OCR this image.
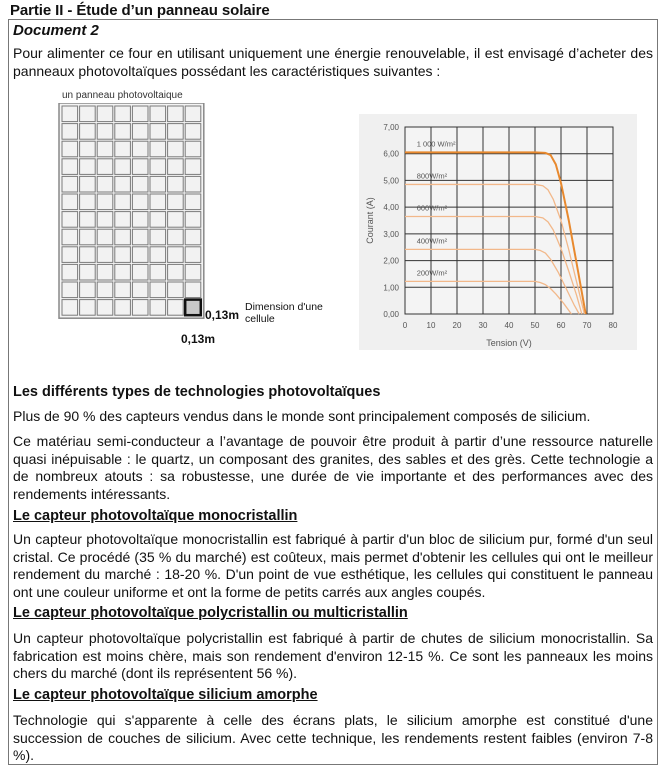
Partie II - Étude d’un panneau solaire
Document 2
Pour alimenter ce four en utilisant uniquement une énergie renouvelable, il est envisagé d’acheter des panneaux photovoltaïques possédant les caractéristiques suivantes :
un panneau photovoltaique
0,13m
Dimension d'une
cellule
0,13m
0 10 20 30 40 50 60 70 80
0,00
1,00
2,00
3,00
4,00
5,00
6,00
7,00
Tension (V)
Courant (A)
1 000 W/m²
800W/m²
600W/m²
400W/m²
200W/m²
Les différents types de technologies photovoltaïques
Plus de 90 % des capteurs vendus dans le monde sont principalement composés de silicium.
Ce matériau semi-conducteur a l’avantage de pouvoir être produit à partir d’une ressource naturelle quasi inépuisable : le quartz, un composant des granites, des sables et des grès. Cette technologie a de nombreux atouts : sa robustesse, une durée de vie importante et des performances avec des rendements intéressants.
Le capteur photovoltaïque monocristallin
Un capteur photovoltaïque monocristallin est fabriqué à partir d'un bloc de silicium pur, formé d'un seul cristal. Ce procédé (35 % du marché) est coûteux, mais permet d'obtenir les cellules qui ont le meilleur rendement du marché : 18-20 %. D'un point de vue esthétique, les cellules qui constituent le panneau ont une couleur uniforme et ont la forme de petits carrés aux angles coupés.
Le capteur photovoltaïque polycristallin ou multicristallin
Un capteur photovoltaïque polycristallin est fabriqué à partir de chutes de silicium monocristallin. Sa fabrication est moins chère, mais son rendement d'environ 12-15 %. Ce sont les panneaux les moins chers du marché (dont ils représentent 56 %).
Le capteur photovoltaïque silicium amorphe
Technologie qui s'apparente à celle des écrans plats, le silicium amorphe est constitué d'une succession de couches de silicium. Avec cette technique, les rendements restent faibles (environ 7-8 %).
